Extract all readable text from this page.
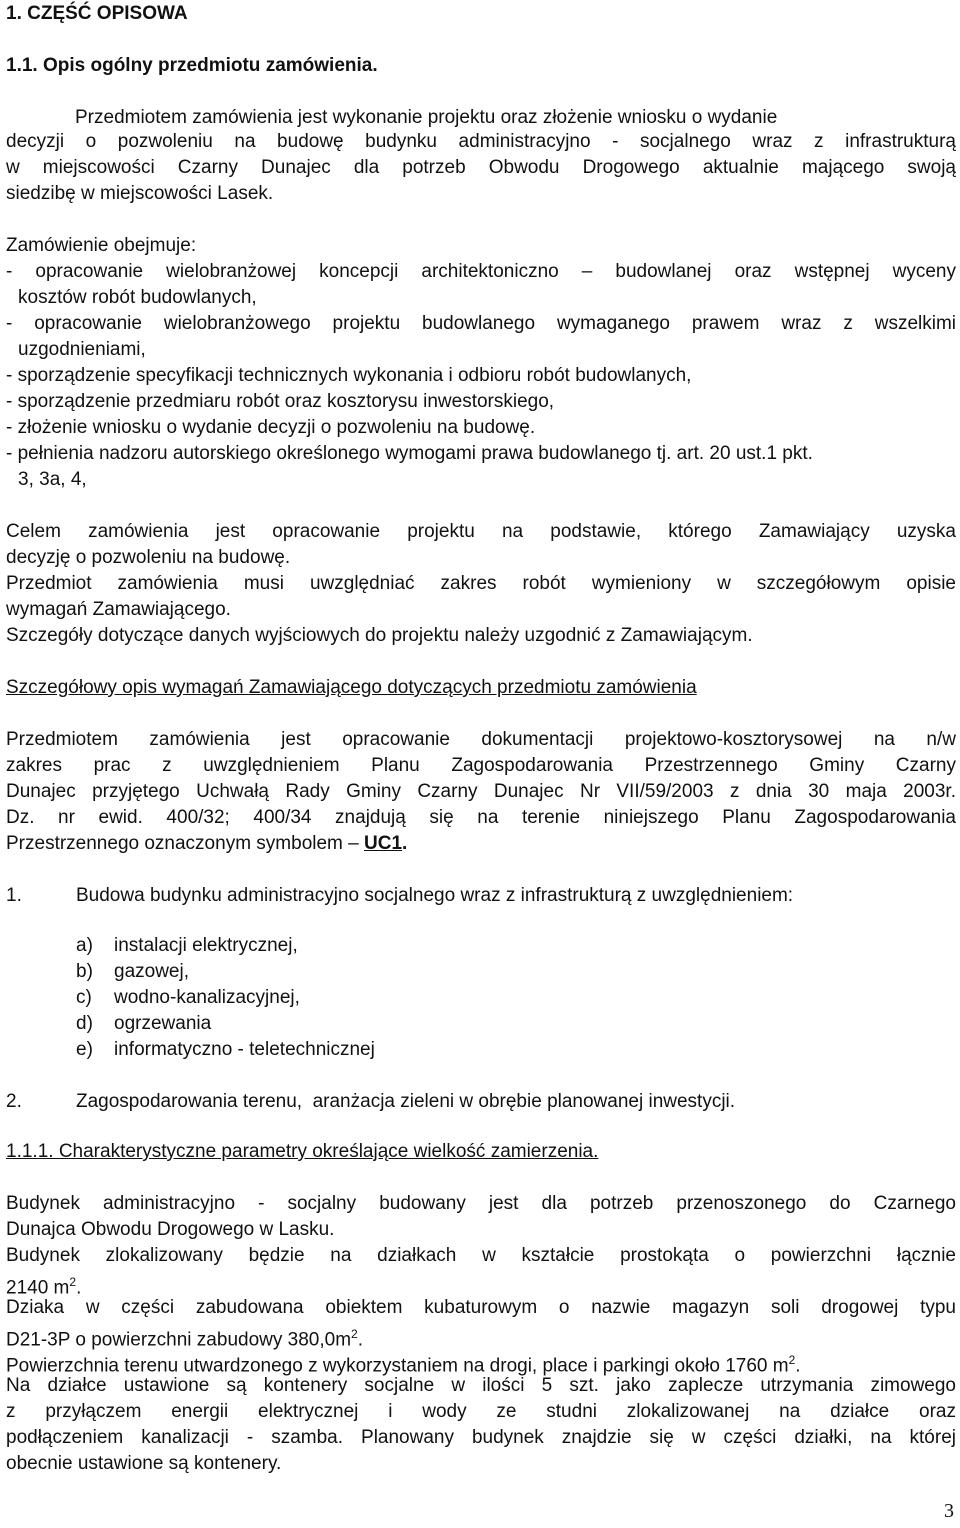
1. CZĘŚĆ OPISOWA
1.1. Opis ogólny przedmiotu zamówienia.
Przedmiotem zamówienia jest wykonanie projektu oraz złożenie wniosku o wydanie
decyzji o pozwoleniu na budowę budynku administracyjno - socjalnego wraz z infrastrukturą
w miejscowości Czarny Dunajec dla potrzeb Obwodu Drogowego aktualnie mającego swoją
siedzibę w miejscowości Lasek.
Zamówienie obejmuje:
- opracowanie wielobranżowej koncepcji architektoniczno – budowlanej oraz wstępnej wyceny
kosztów robót budowlanych,
- opracowanie wielobranżowego projektu budowlanego wymaganego prawem wraz z wszelkimi
uzgodnieniami,
- sporządzenie specyfikacji technicznych wykonania i odbioru robót budowlanych,
- sporządzenie przedmiaru robót oraz kosztorysu inwestorskiego,
- złożenie wniosku o wydanie decyzji o pozwoleniu na budowę.
- pełnienia nadzoru autorskiego określonego wymogami prawa budowlanego tj. art. 20 ust.1 pkt.
3, 3a, 4,
Celem zamówienia jest opracowanie projektu na podstawie, którego Zamawiający uzyska
decyzję o pozwoleniu na budowę.
Przedmiot zamówienia musi uwzględniać zakres robót wymieniony w szczegółowym opisie
wymagań Zamawiającego.
Szczegóły dotyczące danych wyjściowych do projektu należy uzgodnić z Zamawiającym.
Szczegółowy opis wymagań Zamawiającego dotyczących przedmiotu zamówienia
Przedmiotem zamówienia jest opracowanie dokumentacji projektowo-kosztorysowej na n/w
zakres prac z uwzględnieniem Planu Zagospodarowania Przestrzennego Gminy Czarny
Dunajec przyjętego Uchwałą Rady Gminy Czarny Dunajec Nr VII/59/2003 z dnia 30 maja 2003r.
Dz. nr ewid. 400/32; 400/34 znajdują się na terenie niniejszego Planu Zagospodarowania
Przestrzennego oznaczonym symbolem – UC1.
1.	Budowa budynku administracyjno socjalnego wraz z infrastrukturą z uwzględnieniem:
a) instalacji elektrycznej,
b) gazowej,
c) wodno-kanalizacyjnej,
d) ogrzewania
e) informatyczno - teletechnicznej
2.	Zagospodarowania terenu,  aranżacja zieleni w obrębie planowanej inwestycji.
1.1.1. Charakterystyczne parametry określające wielkość zamierzenia.
Budynek administracyjno - socjalny budowany jest dla potrzeb przenoszonego do Czarnego
Dunajca Obwodu Drogowego w Lasku.
Budynek zlokalizowany będzie na działkach w kształcie prostokąta o powierzchni łącznie
2140 $m^2$.
Dziaka w części zabudowana obiektem kubaturowym o nazwie magazyn soli drogowej typu
D21-3P o powierzchni zabudowy $380,0m^2$.
Powierzchnia terenu utwardzonego z wykorzystaniem na drogi, place i parkingi około 1760 $m^2$.
Na działce ustawione są kontenery socjalne w ilości 5 szt. jako zaplecze utrzymania zimowego
z przyłączem energii elektrycznej i wody ze studni zlokalizowanej na działce oraz
podłączeniem kanalizacji - szamba. Planowany budynek znajdzie się w części działki, na której
obecnie ustawione są kontenery.
3
